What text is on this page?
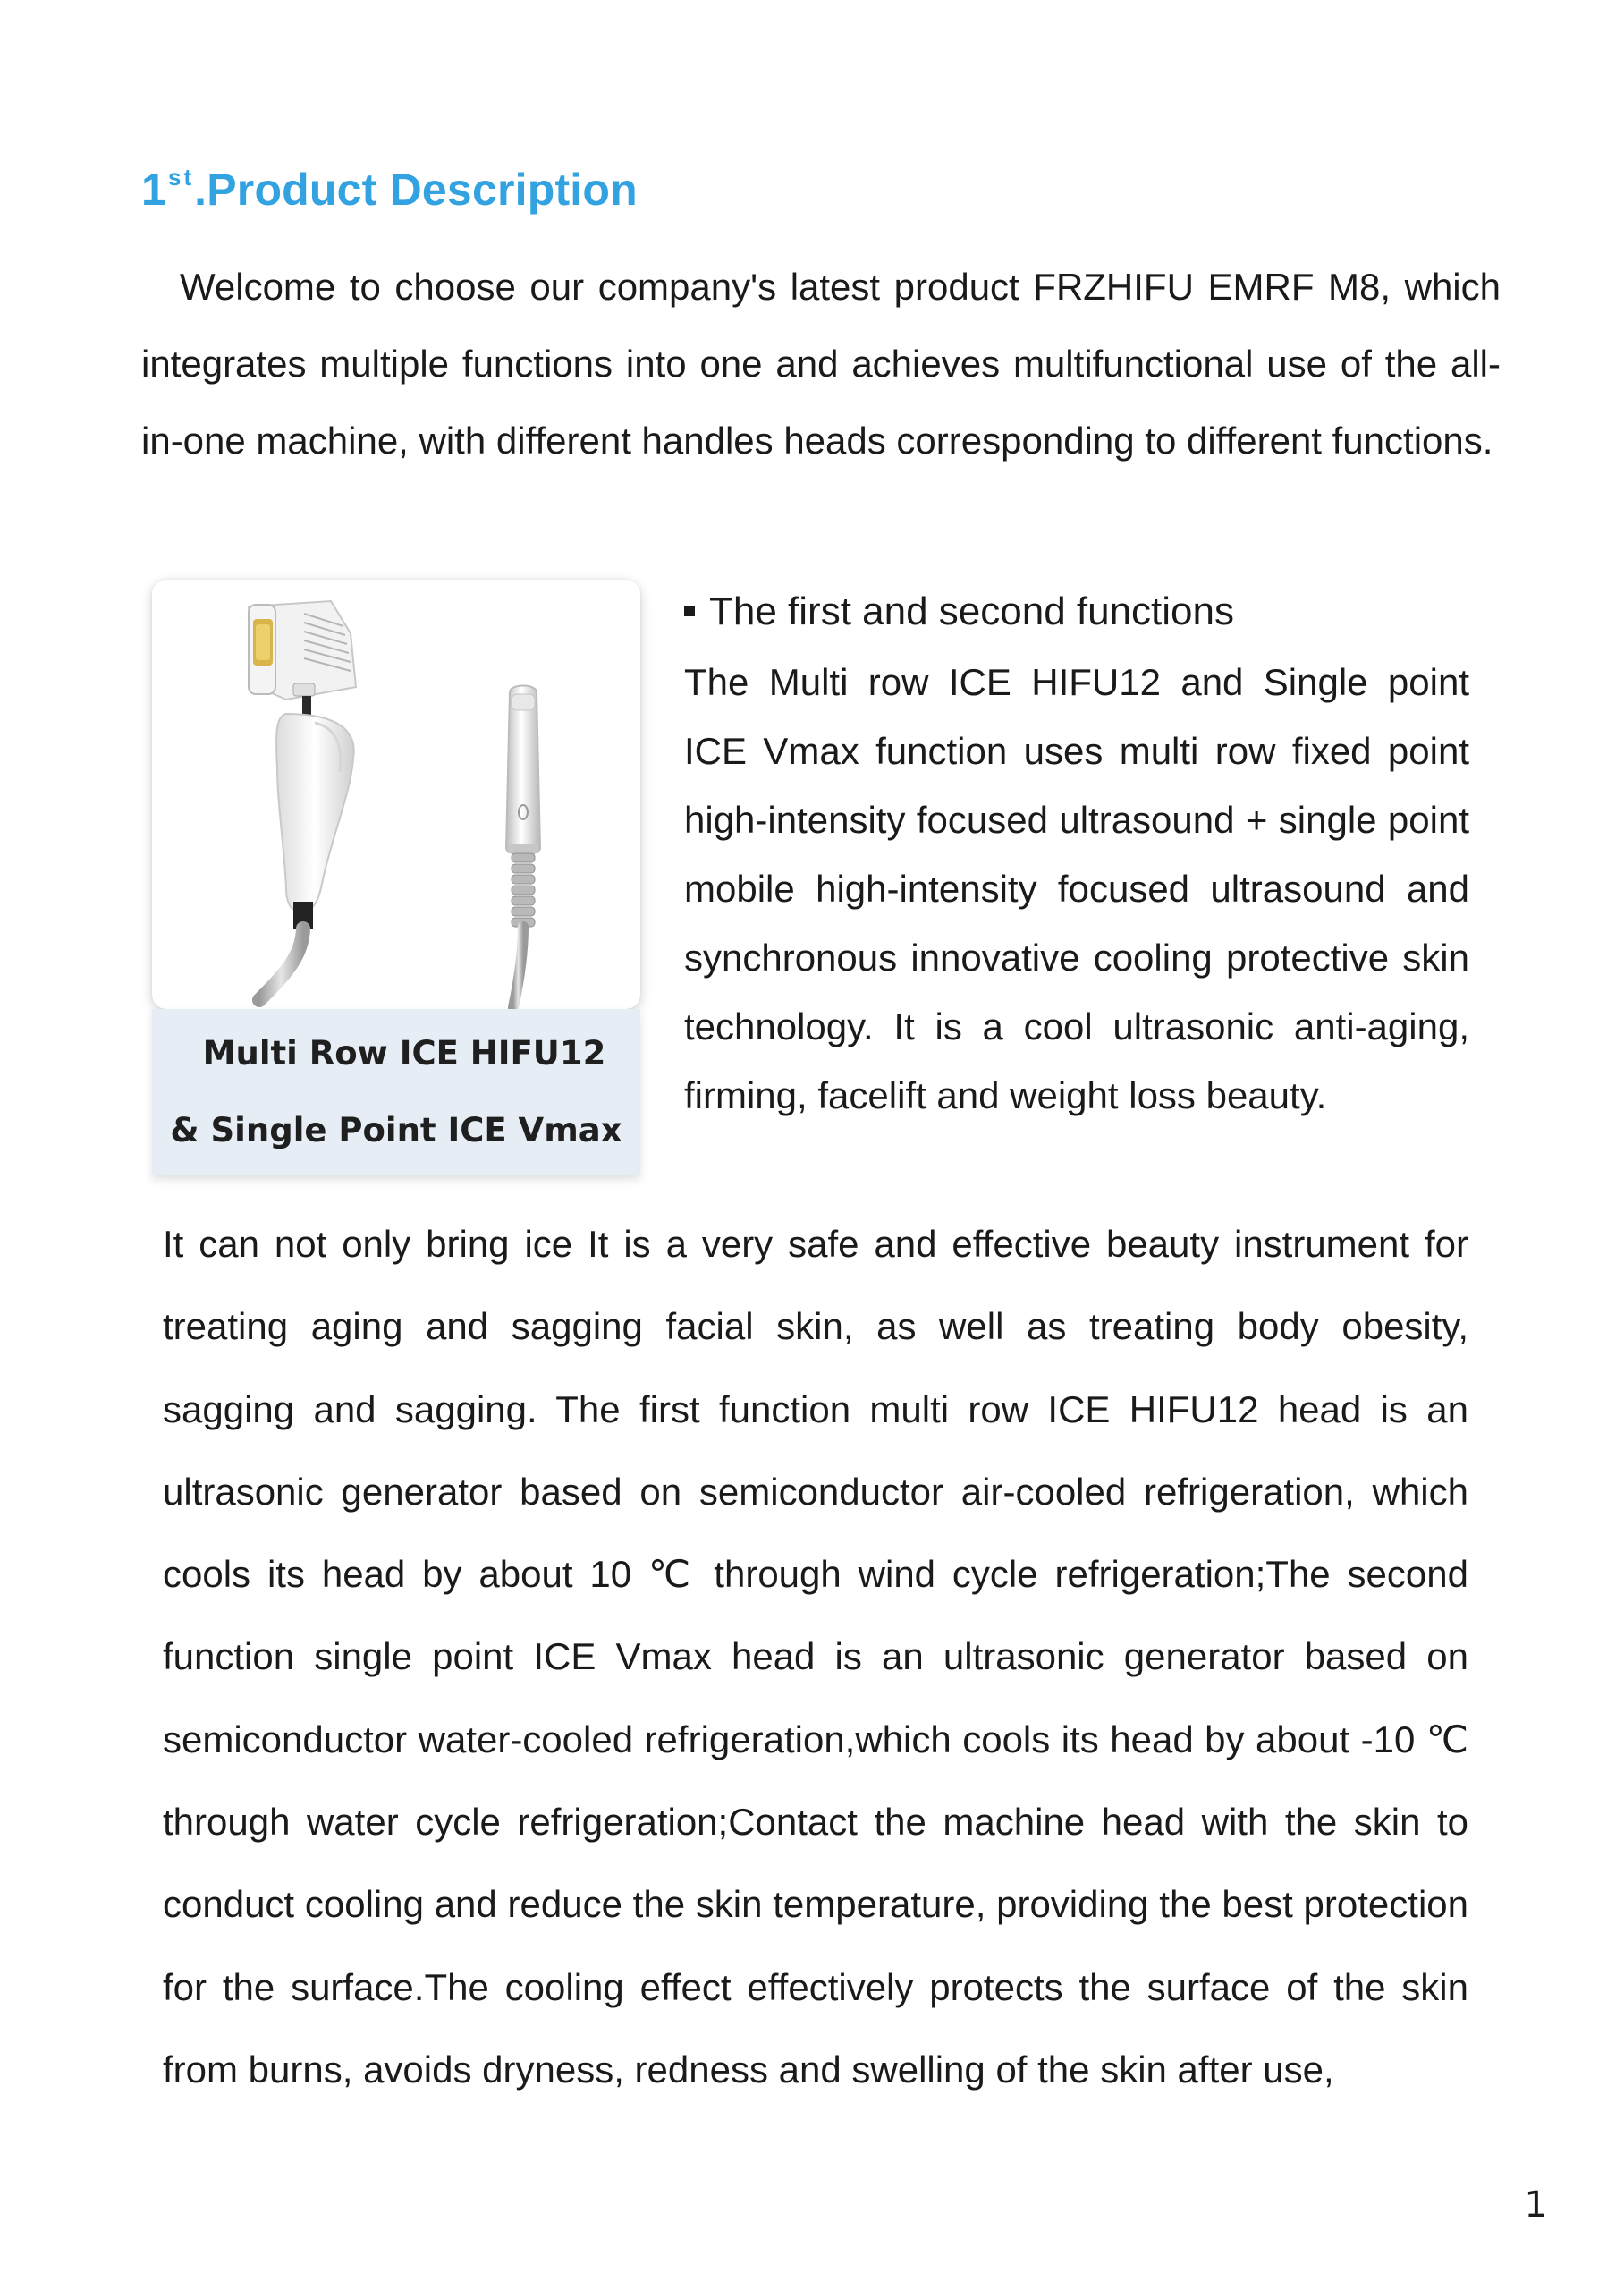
1st.Product Description

Welcome to choose our company's latest product FRZHIFU EMRF M8, which integrates multiple functions into one and achieves multifunctional use of the all-in-one machine, with different handles heads corresponding to different functions.

Multi Row ICE HIFU12
& Single Point ICE Vmax
The first and second functions

The Multi row ICE HIFU12 and Single point ICE Vmax function uses multi row fixed point high-intensity focused ultrasound + single point mobile high-intensity focused ultrasound and synchronous innovative cooling protective skin technology. It is a cool ultrasonic anti-aging, firming, facelift and weight loss beauty.

It can not only bring ice It is a very safe and effective beauty instrument for treating aging and sagging facial skin, as well as treating body obesity, sagging and sagging. The first function multi row ICE HIFU12 head is an ultrasonic generator based on semiconductor air-cooled refrigeration, which cools its head by about 10 ℃ through wind cycle refrigeration;The second function single point ICE Vmax head is an ultrasonic generator based on semiconductor water-cooled refrigeration,which cools its head by about -10 ℃ through water cycle refrigeration;Contact the machine head with the skin to conduct cooling and reduce the skin temperature, providing the best protection for the surface.The cooling effect effectively protects the surface of the skin from burns, avoids dryness, redness and swelling of the skin after use,

1
